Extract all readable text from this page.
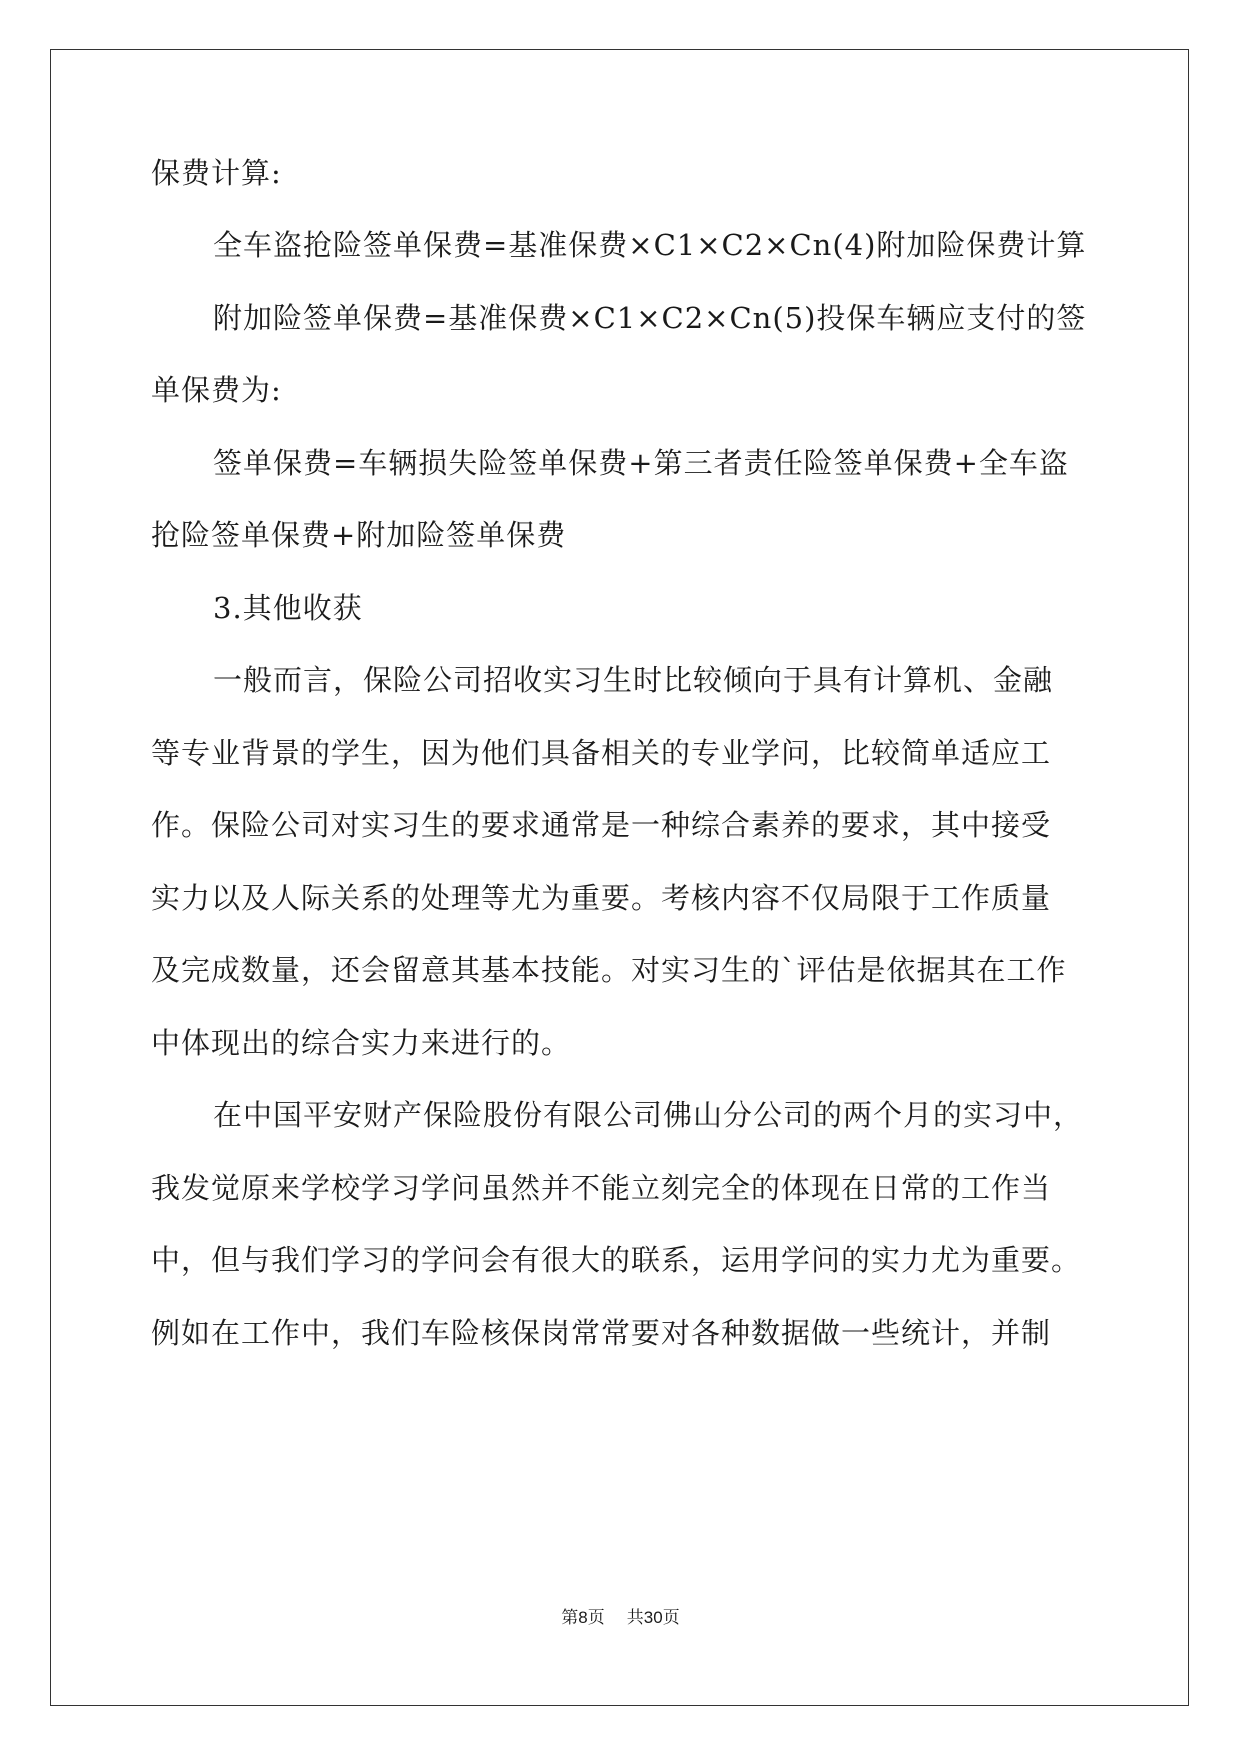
保费计算:
全车盗抢险签单保费=基准保费×C1×C2×Cn(4)附加险保费计算
附加险签单保费=基准保费×C1×C2×Cn(5)投保车辆应支付的签
单保费为:
签单保费=车辆损失险签单保费+第三者责任险签单保费+全车盗
抢险签单保费+附加险签单保费
3.其他收获
一般而言，保险公司招收实习生时比较倾向于具有计算机、金融
等专业背景的学生，因为他们具备相关的专业学问，比较简单适应工
作。保险公司对实习生的要求通常是一种综合素养的要求，其中接受
实力以及人际关系的处理等尤为重要。考核内容不仅局限于工作质量
及完成数量，还会留意其基本技能。对实习生的`评估是依据其在工作
中体现出的综合实力来进行的。
在中国平安财产保险股份有限公司佛山分公司的两个月的实习中，
我发觉原来学校学习学问虽然并不能立刻完全的体现在日常的工作当
中，但与我们学习的学问会有很大的联系，运用学问的实力尤为重要。
例如在工作中，我们车险核保岗常常要对各种数据做一些统计，并制
第8页 共30页
